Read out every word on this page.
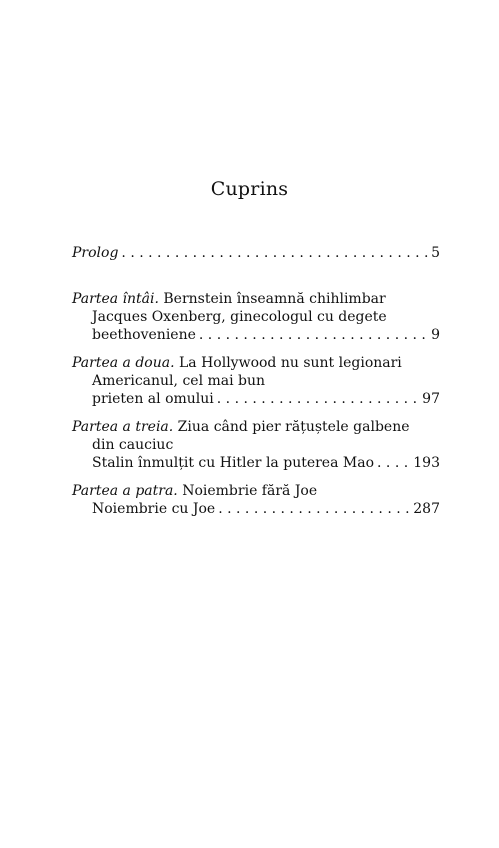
Cuprins
Prolog . . .	5
Partea întâi. Bernstein înseamnă chihlimbar
Jacques Oxenberg, ginecologul cu degete
beethoveniene . . .	9
Partea a doua. La Hollywood nu sunt legionari
Americanul, cel mai bun
prieten al omului . . .	97
Partea a treia. Ziua când pier rățuștele galbene
din cauciuc
Stalin înmulțit cu Hitler la puterea Mao . . .	193
Partea a patra. Noiembrie fără Joe
Noiembrie cu Joe . . .	287
